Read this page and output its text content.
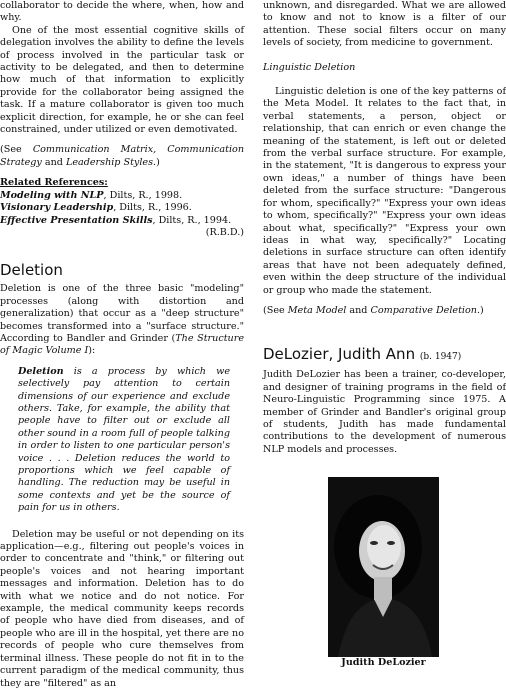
collaborator to decide the where, when, how and why.

One of the most essential cognitive skills of delegation involves the ability to define the levels of process involved in the particular task or activity to be delegated, and then to determine how much of that information to explicitly provide for the collaborator being assigned the task. If a mature collaborator is given too much explicit direction, for example, he or she can feel constrained, under utilized or even demotivated.

(See Communication Matrix, Communication Strategy and Leadership Styles.)

Related References:
Modeling with NLP, Dilts, R., 1998.
Visionary Leadership, Dilts, R., 1996.
Effective Presentation Skills, Dilts, R., 1994.
(R.B.D.)
Deletion

Deletion is one of the three basic "modeling" processes (along with distortion and generalization) that occur as a "deep structure" becomes transformed into a "surface structure." According to Bandler and Grinder (The Structure of Magic Volume I):

Deletion is a process by which we selectively pay attention to certain dimensions of our experience and exclude others. Take, for example, the ability that people have to filter out or exclude all other sound in a room full of people talking in order to listen to one particular person's voice . . . Deletion reduces the world to proportions which we feel capable of handling. The reduction may be useful in some contexts and yet be the source of pain for us in others.

Deletion may be useful or not depending on its application—e.g., filtering out people's voices in order to concentrate and "think," or filtering out people's voices and not hearing important messages and information. Deletion has to do with what we notice and do not notice. For example, the medical community keeps records of people who have died from diseases, and of people who are ill in the hospital, yet there are no records of people who cure themselves from terminal illness. These people do not fit in to the current paradigm of the medical community, thus they are "filtered" as an

unknown, and disregarded. What we are allowed to know and not to know is a filter of our attention. These social filters occur on many levels of society, from medicine to government.

Linguistic Deletion

Linguistic deletion is one of the key patterns of the Meta Model. It relates to the fact that, in verbal statements, a person, object or relationship, that can enrich or even change the meaning of the statement, is left out or deleted from the verbal surface structure. For example, in the statement, "It is dangerous to express your own ideas," a number of things have been deleted from the surface structure: "Dangerous for whom, specifically?" "Express your own ideas to whom, specifically?" "Express your own ideas about what, specifically?" "Express your own ideas in what way, specifically?" Locating deletions in surface structure can often identify areas that have not been adequately defined, even within the deep structure of the individual or group who made the statement.

(See Meta Model and Comparative Deletion.)

DeLozier, Judith Ann (b. 1947)

Judith DeLozier has been a trainer, co-developer, and designer of training programs in the field of Neuro-Linguistic Programming since 1975. A member of Grinder and Bandler's original group of students, Judith has made fundamental contributions to the development of numerous NLP models and processes.

Judith DeLozier
